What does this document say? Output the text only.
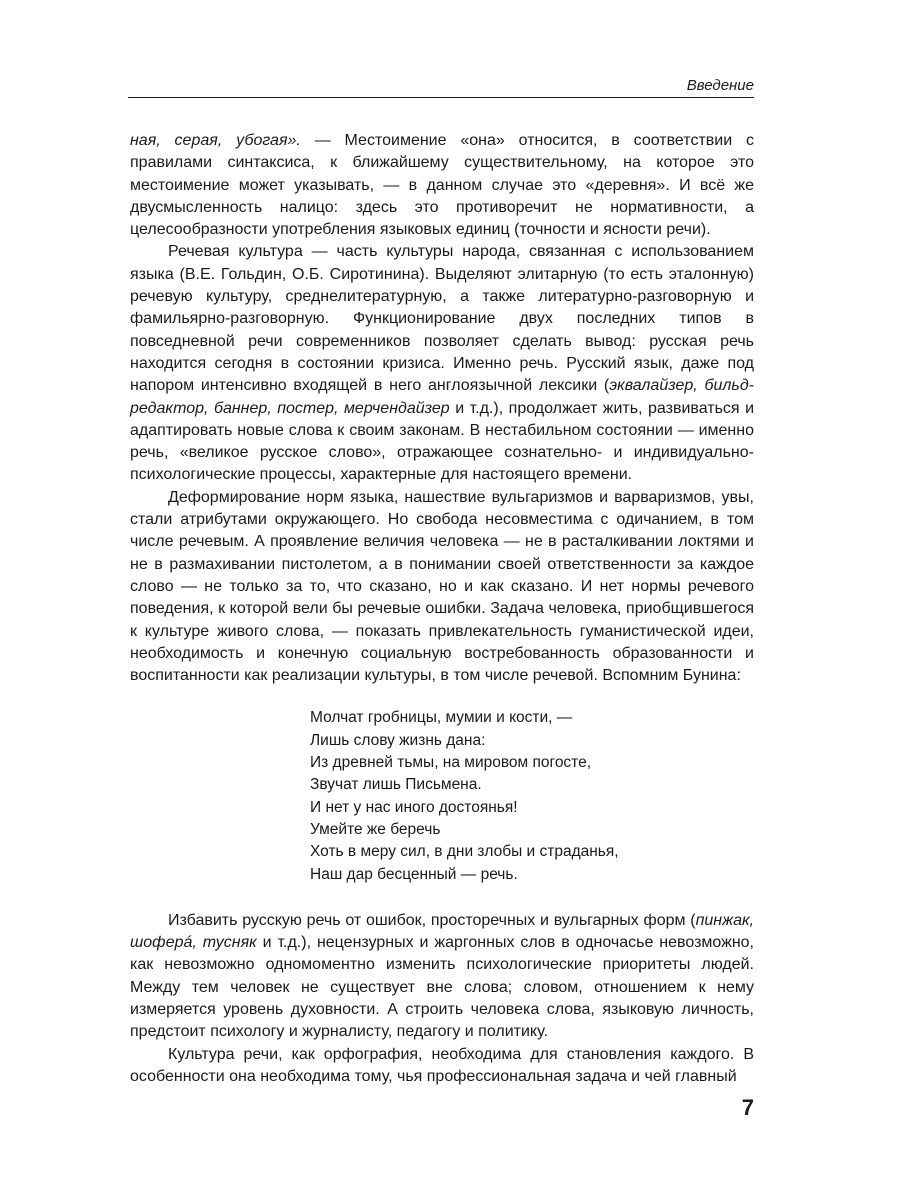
Введение

ная, серая, убогая». — Местоимение «она» относится, в соответствии с правилами синтаксиса, к ближайшему существительному, на которое это местоимение может указывать, — в данном случае это «деревня». И всё же двусмысленность налицо: здесь это противоречит не нормативности, а целесообразности употребления языковых единиц (точности и ясности речи).

Речевая культура — часть культуры народа, связанная с использованием языка (В.Е. Гольдин, О.Б. Сиротинина). Выделяют элитарную (то есть эталонную) речевую культуру, среднелитературную, а также литературно-разговорную и фамильярно-разговорную. Функционирование двух последних типов в повседневной речи современников позволяет сделать вывод: русская речь находится сегодня в состоянии кризиса. Именно речь. Русский язык, даже под напором интенсивно входящей в него англоязычной лексики (эквалайзер, бильд-редактор, баннер, постер, мерчендайзер и т.д.), продолжает жить, развиваться и адаптировать новые слова к своим законам. В нестабильном состоянии — именно речь, «великое русское слово», отражающее сознательно- и индивидуально-психологические процессы, характерные для настоящего времени.

Деформирование норм языка, нашествие вульгаризмов и варваризмов, увы, стали атрибутами окружающего. Но свобода несовместима с одичанием, в том числе речевым. А проявление величия человека — не в расталкивании локтями и не в размахивании пистолетом, а в понимании своей ответственности за каждое слово — не только за то, что сказано, но и как сказано. И нет нормы речевого поведения, к которой вели бы речевые ошибки. Задача человека, приобщившегося к культуре живого слова, — показать привлекательность гуманистической идеи, необходимость и конечную социальную востребованность образованности и воспитанности как реализации культуры, в том числе речевой. Вспомним Бунина:

Молчат гробницы, мумии и кости, —
Лишь слову жизнь дана:
Из древней тьмы, на мировом погосте,
Звучат лишь Письмена.
И нет у нас иного достоянья!
Умейте же беречь
Хоть в меру сил, в дни злобы и страданья,
Наш дар бесценный — речь.

Избавить русскую речь от ошибок, просторечных и вульгарных форм (пинжак, шоферá, тусняк и т.д.), нецензурных и жаргонных слов в одночасье невозможно, как невозможно одномоментно изменить психологические приоритеты людей. Между тем человек не существует вне слова; словом, отношением к нему измеряется уровень духовности. А строить человека слова, языковую личность, предстоит психологу и журналисту, педагогу и политику.

Культура речи, как орфография, необходима для становления каждого. В особенности она необходима тому, чья профессиональная задача и чей главный

7
